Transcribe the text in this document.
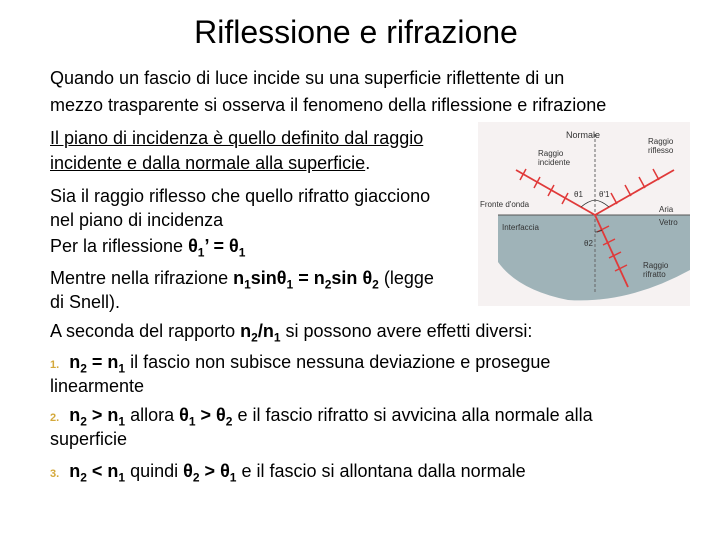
Riflessione e rifrazione
Quando un fascio di luce incide su una superficie riflettente di un
mezzo trasparente si osserva il fenomeno della riflessione e rifrazione
Il piano di incidenza è quello definito dal raggio
incidente e dalla normale alla superficie.
Sia il raggio riflesso che quello rifratto giacciono
nel piano di incidenza
Per la riflessione $\theta_1$’ = $\theta_1$
Mentre nella rifrazione $n_1\sin\theta_1 = n_2\sin$ $\theta_2$ (legge
di Snell).
A seconda del rapporto $n_2/n_1$ si possono avere effetti diversi:
1. $n_2 = n_1$ il fascio non subisce nessuna deviazione e prosegue
linearmente
2. $n_2 > n_1$ allora $\theta_1 > \theta_2$ e il fascio rifratto si avvicina alla normale alla
superficie
3. $n_2 < n_1$ quindi $\theta_2 > \theta_1$ e il fascio si allontana dalla normale
Normale
Raggio
incidente
Raggio
riflesso
Fronte d'onda
θ1 θ'1
θ2
Aria
Vetro
Interfaccia
Raggio
rifratto
